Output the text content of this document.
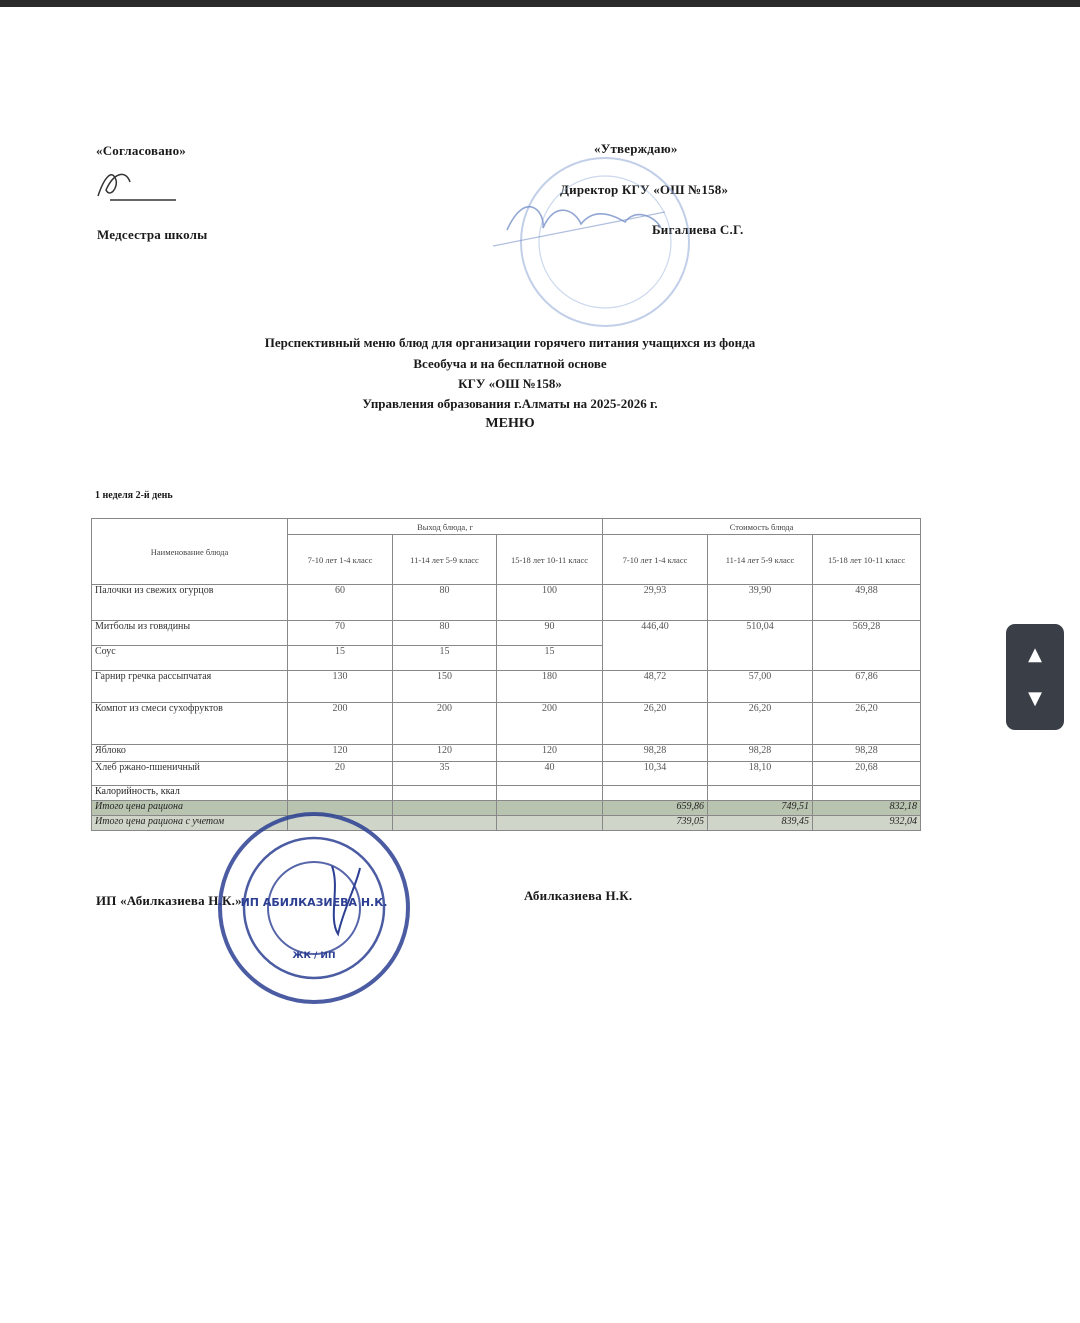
«Согласовано»
Медсестра школы
«Утверждаю»
Директор КГУ «ОШ №158»
Бигалиева С.Г.
Перспективный меню блюд для организации горячего питания учащихся из фонда
Всеобуча и на бесплатной основе
КГУ «ОШ №158»
Управления образования г.Алматы на 2025-2026 г.
МЕНЮ
1 неделя 2-й день
Наименование блюда	Выход блюда, г			Стоимость блюда		
	7-10 лет 1-4 класс	11-14 лет 5-9 класс	15-18 лет 10-11 класс	7-10 лет 1-4 класс	11-14 лет 5-9 класс	15-18 лет 10-11 класс
Палочки из свежих огурцов	60	80	100	29,93	39,90	49,88
Митболы из говядины	70	80	90	446,40	510,04	569,28
Соус	15	15	15			
Гарнир гречка рассыпчатая	130	150	180	48,72	57,00	67,86
Компот из смеси сухофруктов	200	200	200	26,20	26,20	26,20
Яблоко	120	120	120	98,28	98,28	98,28
Хлеб ржано-пшеничный	20	35	40	10,34	18,10	20,68
Калорийность, ккал						
Итого цена рациона				659,86	749,51	832,18
Итого цена рациона с учетом				739,05	839,45	932,04
ИП «Абилказиева Н.К.»	Абилказиева Н.К.
ИП АБИЛКАЗИЕВА Н.К.
ЖК / ИП
▲
▼
